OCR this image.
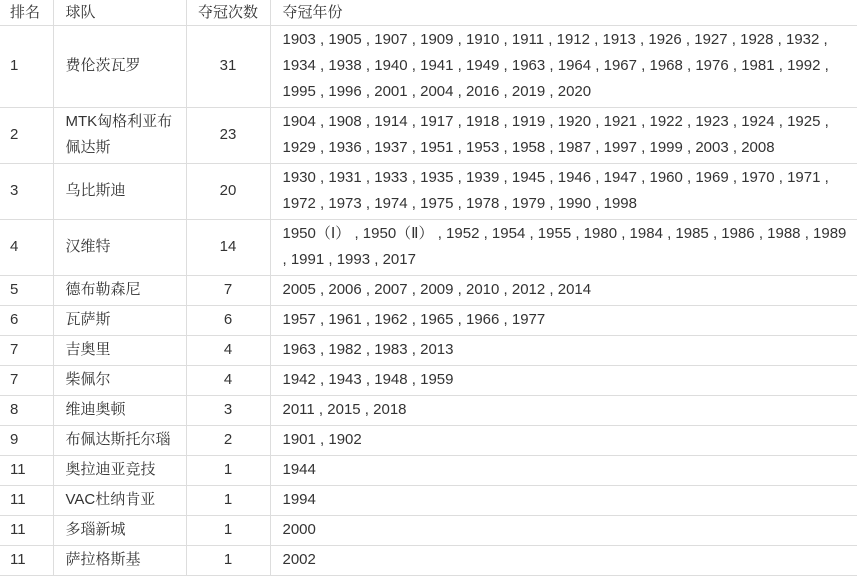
排名	球队	夺冠次数	夺冠年份
1	费伦茨瓦罗	31	1903 , 1905 , 1907 , 1909 , 1910 , 1911 , 1912 , 1913 , 1926 , 1927 , 1928 , 1932 , 1934 , 1938 , 1940 , 1941 , 1949 , 1963 , 1964 , 1967 , 1968 , 1976 , 1981 , 1992 , 1995 , 1996 , 2001 , 2004 , 2016 , 2019 , 2020
2	MTK匈格利亚布佩达斯	23	1904 , 1908 , 1914 , 1917 , 1918 , 1919 , 1920 , 1921 , 1922 , 1923 , 1924 , 1925 , 1929 , 1936 , 1937 , 1951 , 1953 , 1958 , 1987 , 1997 , 1999 , 2003 , 2008
3	乌比斯迪	20	1930 , 1931 , 1933 , 1935 , 1939 , 1945 , 1946 , 1947 , 1960 , 1969 , 1970 , 1971 , 1972 , 1973 , 1974 , 1975 , 1978 , 1979 , 1990 , 1998
4	汉维特	14	1950（Ⅰ） , 1950（Ⅱ） , 1952 , 1954 , 1955 , 1980 , 1984 , 1985 , 1986 , 1988 , 1989 , 1991 , 1993 , 2017
5	德布勒森尼	7	2005 , 2006 , 2007 , 2009 , 2010 , 2012 , 2014
6	瓦萨斯	6	1957 , 1961 , 1962 , 1965 , 1966 , 1977
7	吉奥里	4	1963 , 1982 , 1983 , 2013
7	柴佩尔	4	1942 , 1943 , 1948 , 1959
8	维迪奥顿	3	2011 , 2015 , 2018
9	布佩达斯托尔瑙	2	1901 , 1902
11	奥拉迪亚竞技	1	1944
11	VAC杜纳肯亚	1	1994
11	多瑙新城	1	2000
11	萨拉格斯基	1	2002
